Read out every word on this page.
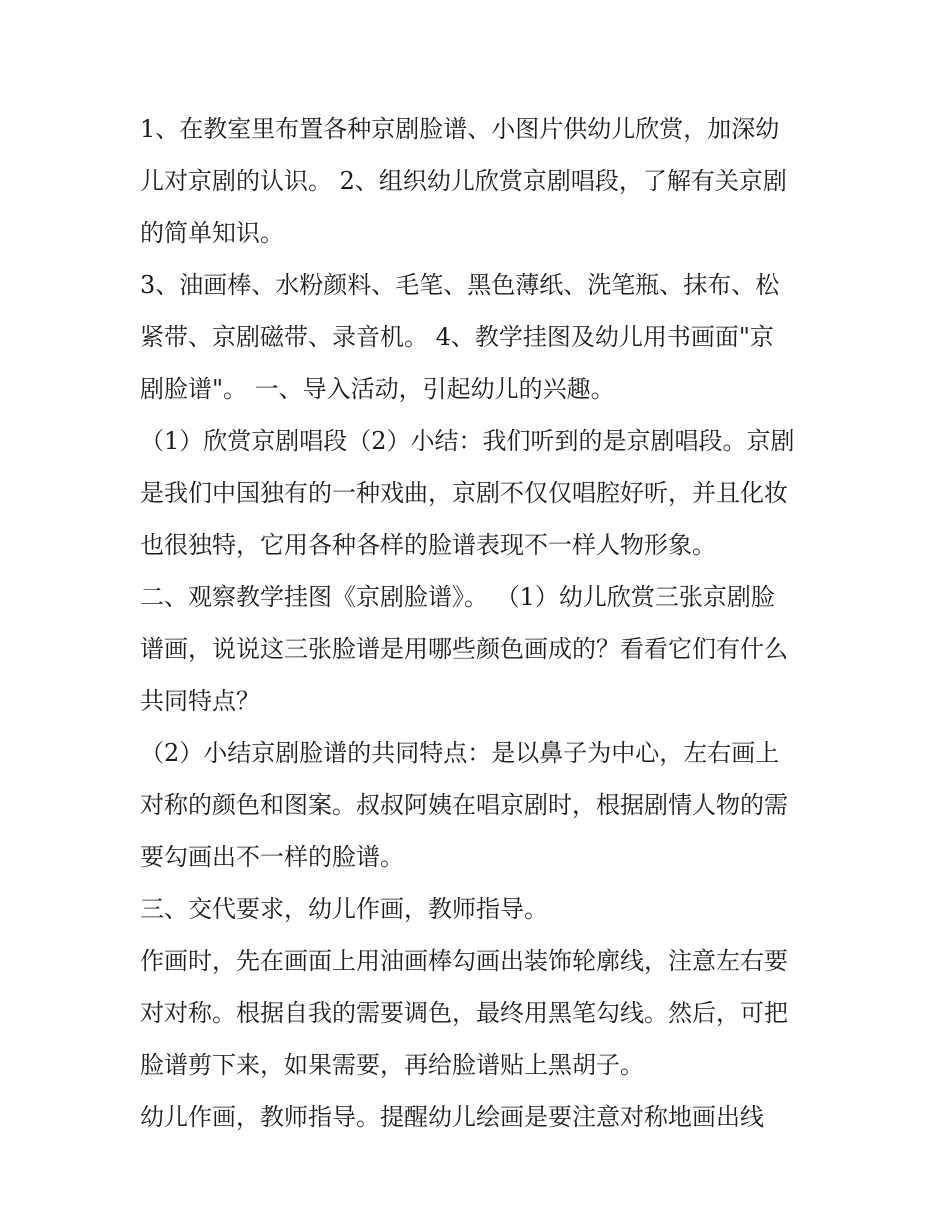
1、在教室里布置各种京剧脸谱、小图片供幼儿欣赏，加深幼
儿对京剧的认识。 2、组织幼儿欣赏京剧唱段，了解有关京剧
的简单知识。
3、油画棒、水粉颜料、毛笔、黑色薄纸、洗笔瓶、抹布、松
紧带、京剧磁带、录音机。 4、教学挂图及幼儿用书画面"京
剧脸谱"。 一、导入活动，引起幼儿的兴趣。
（1）欣赏京剧唱段（2）小结：我们听到的是京剧唱段。京剧
是我们中国独有的一种戏曲，京剧不仅仅唱腔好听，并且化妆
也很独特，它用各种各样的脸谱表现不一样人物形象。
二、观察教学挂图《京剧脸谱》。 （1）幼儿欣赏三张京剧脸
谱画，说说这三张脸谱是用哪些颜色画成的？看看它们有什么
共同特点？
（2）小结京剧脸谱的共同特点：是以鼻子为中心，左右画上
对称的颜色和图案。叔叔阿姨在唱京剧时，根据剧情人物的需
要勾画出不一样的脸谱。
三、交代要求，幼儿作画，教师指导。
作画时，先在画面上用油画棒勾画出装饰轮廓线，注意左右要
对对称。根据自我的需要调色，最终用黑笔勾线。然后，可把
脸谱剪下来，如果需要，再给脸谱贴上黑胡子。
幼儿作画，教师指导。提醒幼儿绘画是要注意对称地画出线
